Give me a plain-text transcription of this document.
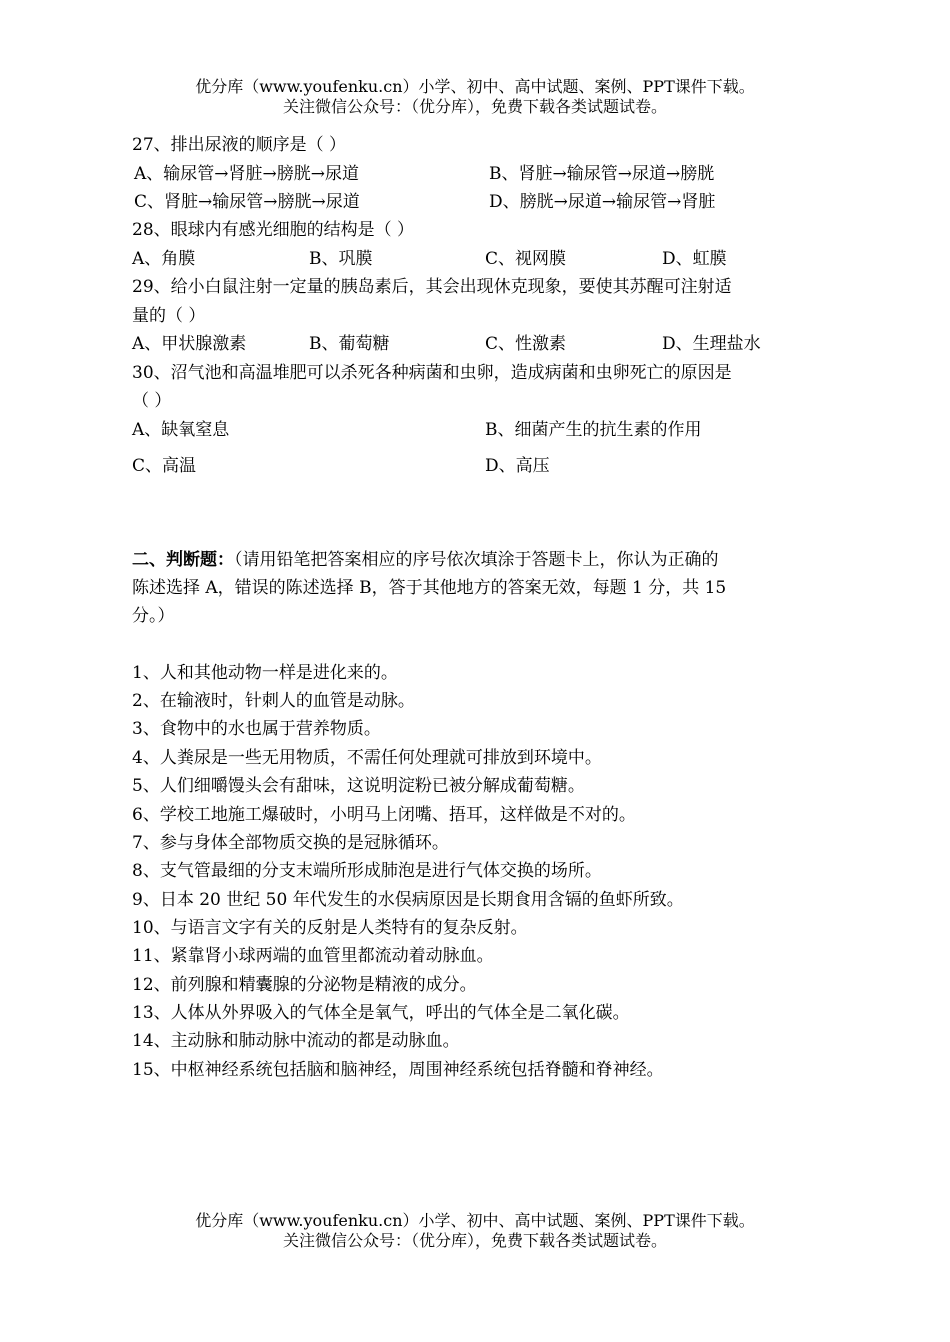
优分库（www.youfenku.cn）小学、初中、高中试题、案例、PPT课件下载。
关注微信公众号：（优分库），免费下载各类试题试卷。
27、排出尿液的顺序是（ ）
A、输尿管→肾脏→膀胱→尿道	B、肾脏→输尿管→尿道→膀胱
C、肾脏→输尿管→膀胱→尿道	D、膀胱→尿道→输尿管→肾脏
28、眼球内有感光细胞的结构是（ ）
A、角膜	B、巩膜	C、视网膜	D、虹膜
29、给小白鼠注射一定量的胰岛素后，其会出现休克现象，要使其苏醒可注射适
量的（ ）
A、甲状腺激素	B、葡萄糖	C、性激素	D、生理盐水
30、沼气池和高温堆肥可以杀死各种病菌和虫卵，造成病菌和虫卵死亡的原因是
（ ）
A、缺氧窒息	B、细菌产生的抗生素的作用
C、高温	D、高压
二、判断题：（请用铅笔把答案相应的序号依次填涂于答题卡上，你认为正确的
陈述选择 A，错误的陈述选择 B，答于其他地方的答案无效，每题 1 分，共 15
分。）
1、人和其他动物一样是进化来的。
2、在输液时，针刺人的血管是动脉。
3、食物中的水也属于营养物质。
4、人粪尿是一些无用物质，不需任何处理就可排放到环境中。
5、人们细嚼馒头会有甜味，这说明淀粉已被分解成葡萄糖。
6、学校工地施工爆破时，小明马上闭嘴、捂耳，这样做是不对的。
7、参与身体全部物质交换的是冠脉循环。
8、支气管最细的分支末端所形成肺泡是进行气体交换的场所。
9、日本 20 世纪 50 年代发生的水俣病原因是长期食用含镉的鱼虾所致。
10、与语言文字有关的反射是人类特有的复杂反射。
11、紧靠肾小球两端的血管里都流动着动脉血。
12、前列腺和精囊腺的分泌物是精液的成分。
13、人体从外界吸入的气体全是氧气，呼出的气体全是二氧化碳。
14、主动脉和肺动脉中流动的都是动脉血。
15、中枢神经系统包括脑和脑神经，周围神经系统包括脊髓和脊神经。
优分库（www.youfenku.cn）小学、初中、高中试题、案例、PPT课件下载。
关注微信公众号：（优分库），免费下载各类试题试卷。
